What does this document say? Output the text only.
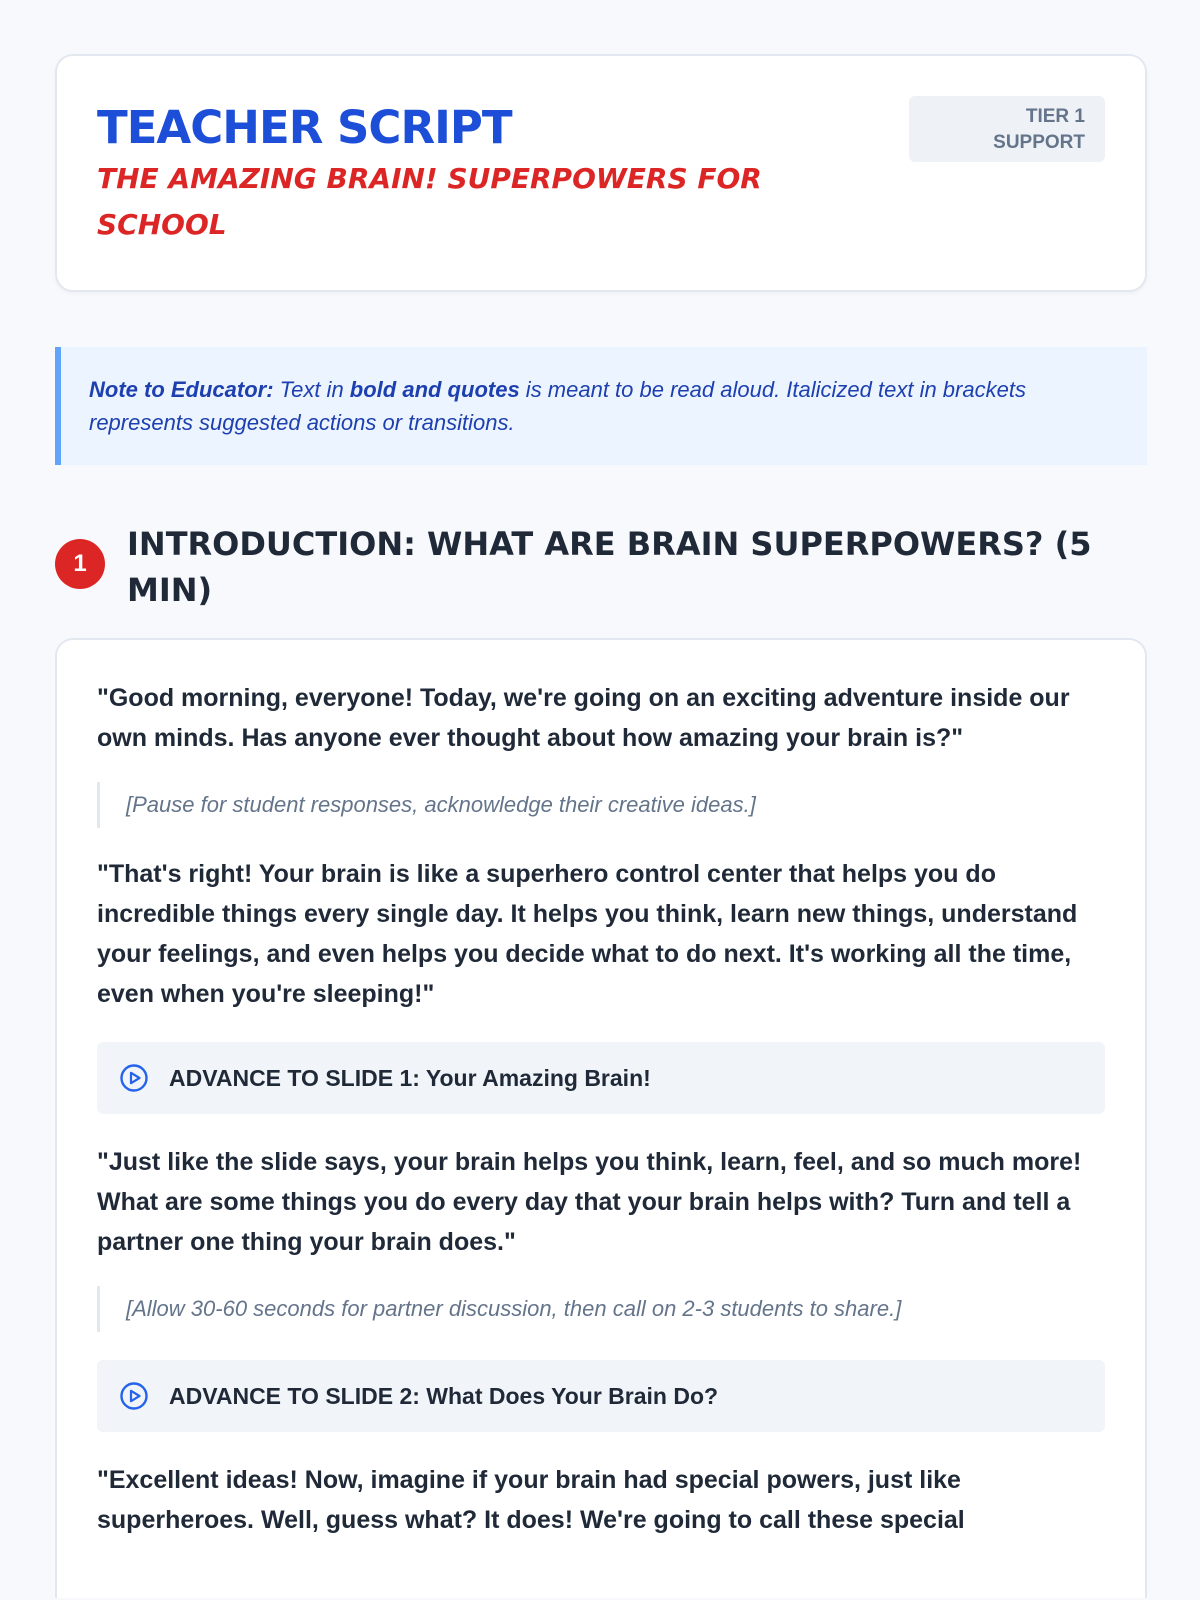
TEACHER SCRIPT
THE AMAZING BRAIN! SUPERPOWERS FOR SCHOOL
TIER 1
SUPPORT
Note to Educator: Text in bold and quotes is meant to be read aloud. Italicized text in brackets represents suggested actions or transitions.
1
INTRODUCTION: WHAT ARE BRAIN SUPERPOWERS? (5 MIN)

"Good morning, everyone! Today, we're going on an exciting adventure inside our own minds. Has anyone ever thought about how amazing your brain is?"

[Pause for student responses, acknowledge their creative ideas.]

"That's right! Your brain is like a superhero control center that helps you do incredible things every single day. It helps you think, learn new things, understand your feelings, and even helps you decide what to do next. It's working all the time, even when you're sleeping!"

ADVANCE TO SLIDE 1: Your Amazing Brain!

"Just like the slide says, your brain helps you think, learn, feel, and so much more! What are some things you do every day that your brain helps with? Turn and tell a partner one thing your brain does."

[Allow 30-60 seconds for partner discussion, then call on 2-3 students to share.]

ADVANCE TO SLIDE 2: What Does Your Brain Do?

"Excellent ideas! Now, imagine if your brain had special powers, just like superheroes. Well, guess what? It does! We're going to call these special
